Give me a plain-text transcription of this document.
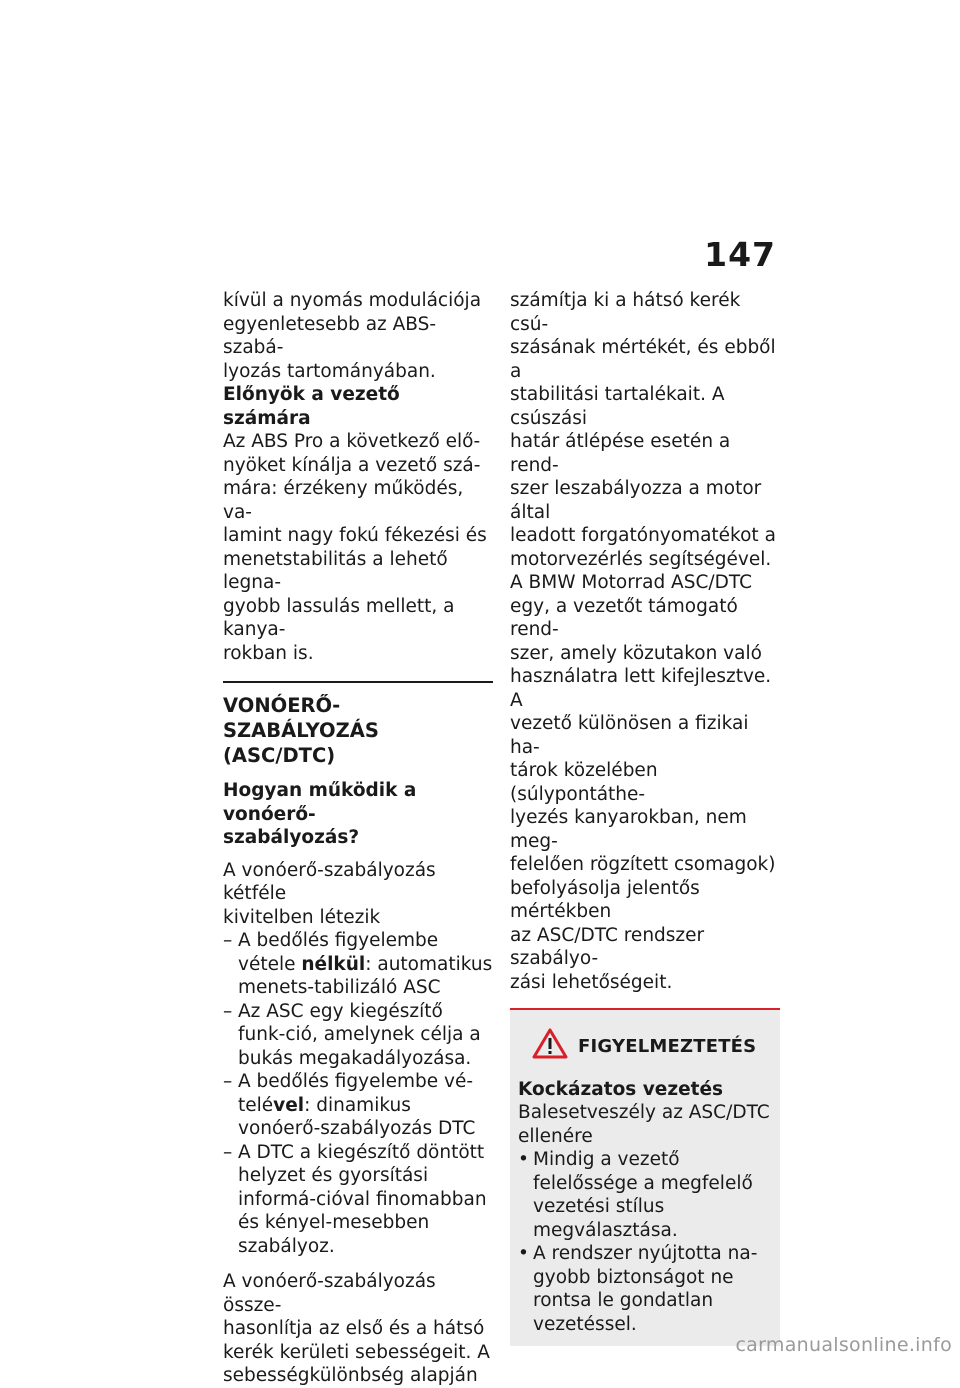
147

kívül a nyomás modulációja
egyenletesebb az ABS-szabá-
lyozás tartományában.

Előnyök a vezető számára

Az ABS Pro a következő elő-
nyöket kínálja a vezető szá-
mára: érzékeny működés, va-
lamint nagy fokú fékezési és
menetstabilitás a lehető legna-
gyobb lassulás mellett, a kanya-
rokban is.

VONÓERŐ-SZABÁLYOZÁS
(ASC/DTC)

Hogyan működik a vonóerő-
szabályozás?

A vonóerő-szabályozás kétféle
kivitelben létezik

– A bedőlés figyelembe vétele nélkül: automatikus menets-tabilizáló ASC
– Az ASC egy kiegészítő funk-ció, amelynek célja a bukás megakadályozása.
– A bedőlés figyelembe vé-telével: dinamikus vonóerő-szabályozás DTC
– A DTC a kiegészítő döntött helyzet és gyorsítási informá-cióval finomabban és kényel-mesebben szabályoz.

A vonóerő-szabályozás össze-
hasonlítja az első és a hátsó
kerék kerületi sebességeit. A
sebességkülönbség alapján

számítja ki a hátsó kerék csú-
szásának mértékét, és ebből a
stabilitási tartalékait. A csúszási
határ átlépése esetén a rend-
szer leszabályozza a motor által
leadott forgatónyomatékot a
motorvezérlés segítségével.

A BMW Motorrad ASC/DTC
egy, a vezetőt támogató rend-
szer, amely közutakon való
használatra lett kifejlesztve. A
vezető különösen a fizikai ha-
tárok közelében (súlypontáthe-
lyezés kanyarokban, nem meg-
felelően rögzített csomagok)
befolyásolja jelentős mértékben
az ASC/DTC rendszer szabályo-
zási lehetőségeit.

FIGYELMEZTETÉS

Kockázatos vezetés

Balesetveszély az ASC/DTC
ellenére

• Mindig a vezető felelőssége a megfelelő vezetési stílus megválasztása.
• A rendszer nyújtotta na-gyobb biztonságot ne rontsa le gondatlan vezetéssel.
carmanualsonline.info
